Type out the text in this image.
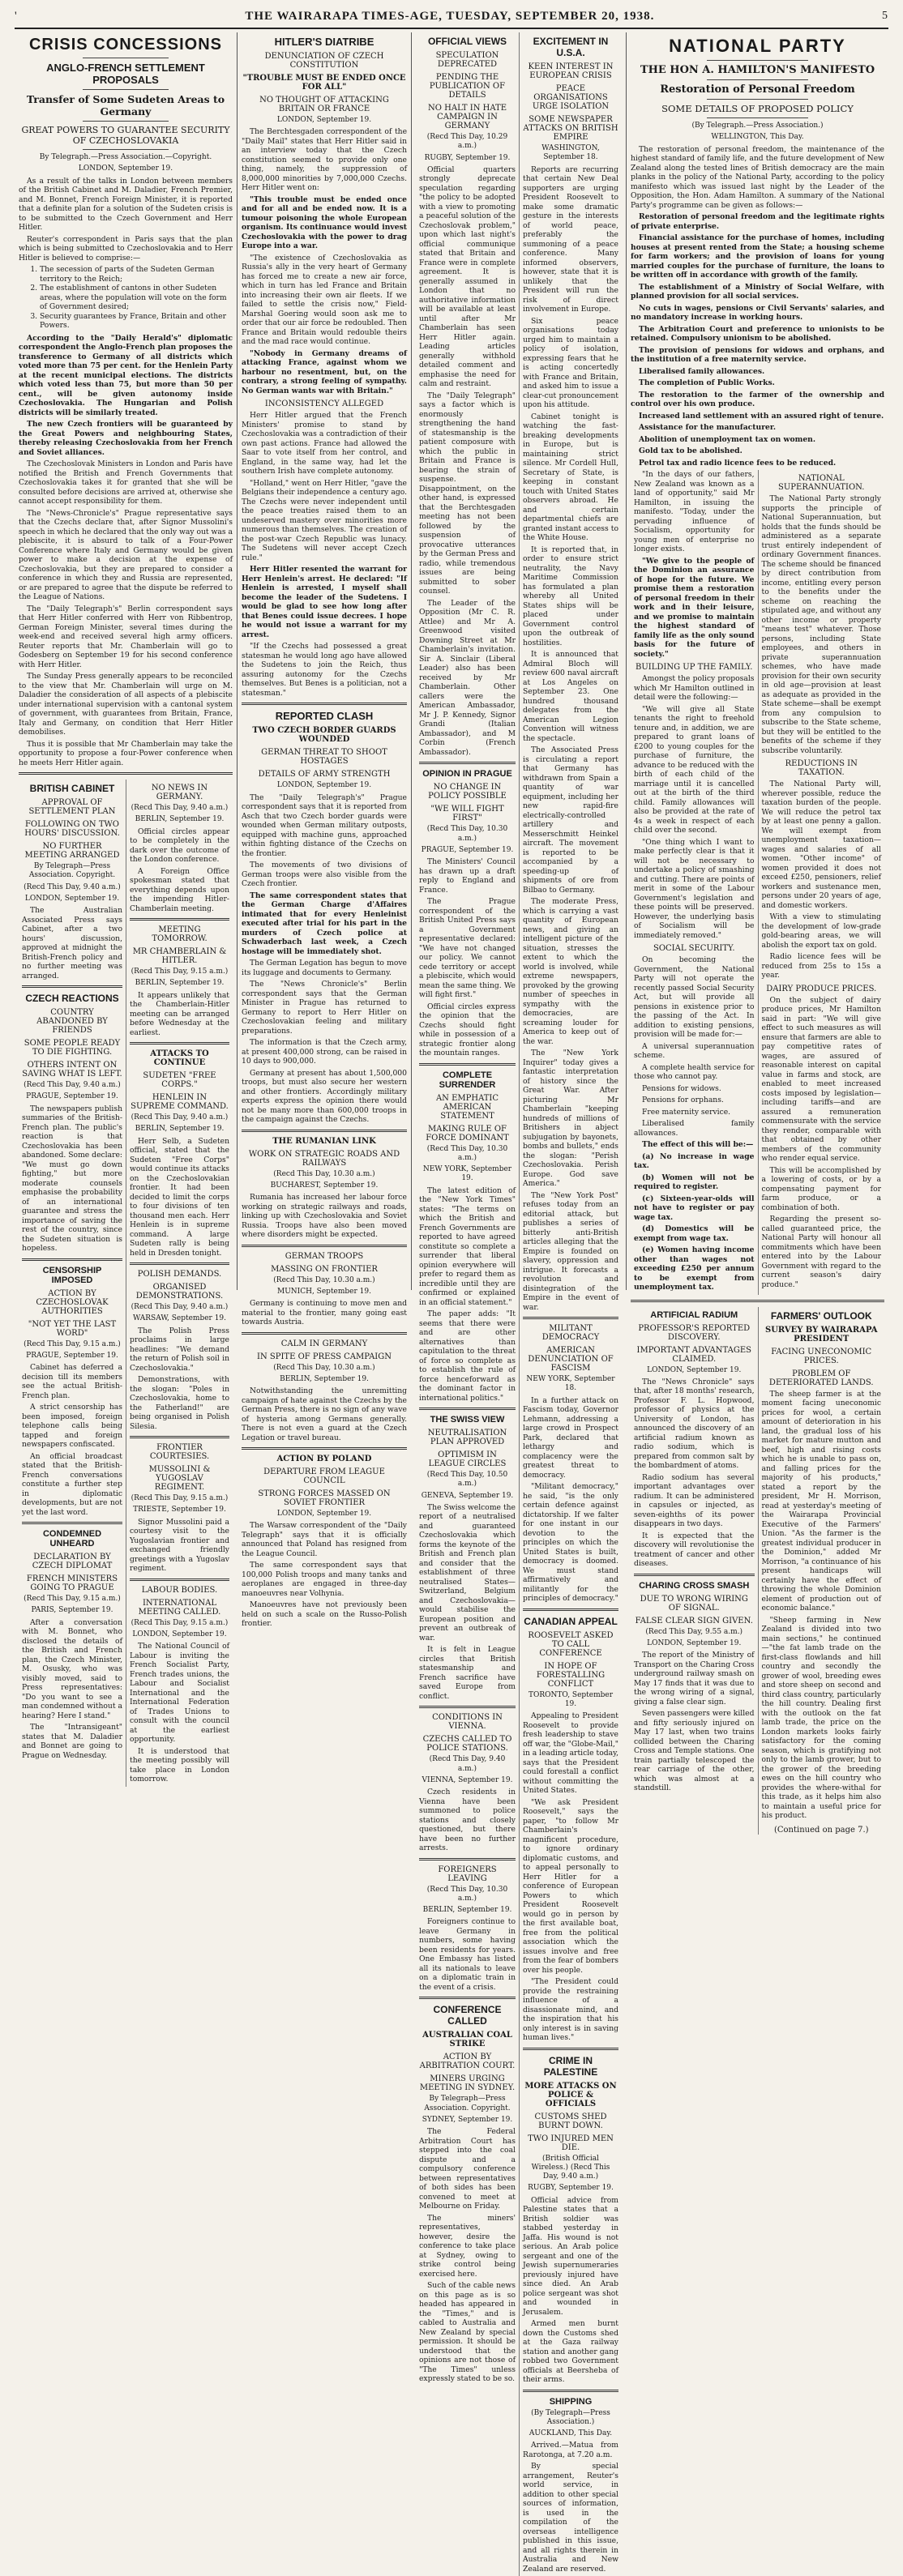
'	THE WAIRARAPA TIMES-AGE, TUESDAY, SEPTEMBER 20, 1938.	5
CRISIS CONCESSIONS
ANGLO-FRENCH SETTLEMENT PROPOSALS
Transfer of Some Sudeten Areas to Germany
GREAT POWERS TO GUARANTEE SECURITY OF CZECHOSLOVAKIA

By Telegraph.—Press Association.—Copyright.

LONDON, September 19.

As a result of the talks in London between members of the British Cabinet and M. Daladier, French Premier, and M. Bonnet, French Foreign Minister, it is reported that a definite plan for a solution of the Sudeten crisis is to be submitted to the Czech Government and Herr Hitler.

Reuter's correspondent in Paris says that the plan which is being submitted to Czechoslovakia and to Herr Hitler is believed to comprise:—

1. The secession of parts of the Sudeten German territory to the Reich;
2. The establishment of cantons in other Sudeten areas, where the population will vote on the form of Government desired;
3. Security guarantees by France, Britain and other Powers.

According to the "Daily Herald's" diplomatic correspondent the Anglo-French plan proposes the transference to Germany of all districts which voted more than 75 per cent. for the Henlein Party at the recent municipal elections. The districts which voted less than 75, but more than 50 per cent., will be given autonomy inside Czechoslovakia. The Hungarian and Polish districts will be similarly treated.

The new Czech frontiers will be guaranteed by the Great Powers and neighbouring States, thereby releasing Czechoslovakia from her French and Soviet alliances.

The Czechoslovak Ministers in London and Paris have notified the British and French Governments that Czechoslovakia takes it for granted that she will be consulted before decisions are arrived at, otherwise she cannot accept responsibility for them.

The "News-Chronicle's" Prague representative says that the Czechs declare that, after Signor Mussolini's speech in which he declared that the only way out was a plebiscite, it is absurd to talk of a Four-Power Conference where Italy and Germany would be given power to make a decision at the expense of Czechoslovakia, but they are prepared to consider a conference in which they and Russia are represented, or are prepared to agree that the dispute be referred to the League of Nations.

The "Daily Telegraph's" Berlin correspondent says that Herr Hitler conferred with Herr von Ribbentrop, German Foreign Minister, several times during the week-end and received several high army officers. Reuter reports that Mr. Chamberlain will go to Godesberg on September 19 for his second conference with Herr Hitler.

The Sunday Press generally appears to be reconciled to the view that Mr. Chamberlain will urge on M. Daladier the consideration of all aspects of a plebiscite under international supervision with a cantonal system of government, with guarantees from Britain, France, Italy and Germany, on condition that Herr Hitler demobilises.

Thus it is possible that Mr Chamberlain may take the opportunity to propose a four-Power conference when he meets Herr Hitler again.

BRITISH CABINET
APPROVAL OF SETTLEMENT PLAN
FOLLOWING ON TWO HOURS' DISCUSSION.
NO FURTHER MEETING ARRANGED

By Telegraph—Press Association. Copyright.

(Recd This Day, 9.40 a.m.)

LONDON, September 19.

The Australian Associated Press says Cabinet, after a two hours' discussion, approved at midnight the British-French policy and no further meeting was arranged.

CZECH REACTIONS
COUNTRY ABANDONED BY FRIENDS
SOME PEOPLE READY TO DIE FIGHTING.
OTHERS INTENT ON SAVING WHAT IS LEFT.

(Recd This Day, 9.40 a.m.)

PRAGUE, September 19.

The newspapers publish summaries of the British-French plan. The public's reaction is that Czechoslovakia has been abandoned. Some declare: "We must go down fighting," but more moderate counsels emphasise the probability of an international guarantee and stress the importance of saving the rest of the country, since the Sudeten situation is hopeless.

CENSORSHIP IMPOSED
ACTION BY CZECHOSLOVAK AUTHORITIES
"NOT YET THE LAST WORD"

(Recd This Day, 9.15 a.m.)

PRAGUE, September 19.

Cabinet has deferred a decision till its members see the actual British-French plan.

A strict censorship has been imposed, foreign telephone calls being tapped and foreign newspapers confiscated.

An official broadcast stated that the British-French conversations constitute a further step in diplomatic developments, but are not yet the last word.

CONDEMNED UNHEARD
DECLARATION BY CZECH DIPLOMAT
FRENCH MINISTERS GOING TO PRAGUE

(Recd This Day, 9.15 a.m.)

PARIS, September 19.

After a conversation with M. Bonnet, who disclosed the details of the British and French plan, the Czech Minister, M. Osusky, who was visibly moved, said to Press representatives: "Do you want to see a man condemned without a hearing? Here I stand."

The "Intransigeant" states that M. Daladier and Bonnet are going to Prague on Wednesday.

NO NEWS IN GERMANY.

(Recd This Day, 9.40 a.m.)

BERLIN, September 19.

Official circles appear to be completely in the dark over the outcome of the London conference.

A Foreign Office spokesman stated that everything depends upon the impending Hitler-Chamberlain meeting.

MEETING TOMORROW.
MR CHAMBERLAIN & HITLER.

(Recd This Day, 9.15 a.m.)

BERLIN, September 19.

It appears unlikely that the Chamberlain-Hitler meeting can be arranged before Wednesday at the earliest.

ATTACKS TO CONTINUE
SUDETEN "FREE CORPS."
HENLEIN IN SUPREME COMMAND.

(Recd This Day, 9.40 a.m.)

BERLIN, September 19.

Herr Selb, a Sudeten official, stated that the Sudeten "Free Corps" would continue its attacks on the Czechoslovakian frontier. It had been decided to limit the corps to four divisions of ten thousand men each. Herr Henlein is in supreme command. A large Sudeten rally is being held in Dresden tonight.

POLISH DEMANDS.
ORGANISED DEMONSTRATIONS.

(Recd This Day, 9.40 a.m.)

WARSAW, September 19.

The Polish Press proclaims in large headlines: "We demand the return of Polish soil in Czechoslovakia."

Demonstrations, with the slogan: "Poles in Czechoslovakia, home to the Fatherland!" are being organised in Polish Silesia.

FRONTIER COURTESIES.
MUSSOLINI & YUGOSLAV REGIMENT.

(Recd This Day, 9.15 a.m.)

TRIESTE, September 19.

Signor Mussolini paid a courtesy visit to the Yugoslavian frontier and exchanged friendly greetings with a Yugoslav regiment.

LABOUR BODIES.
INTERNATIONAL MEETING CALLED.

(Recd This Day, 9.15 a.m.)

LONDON, September 19.

The National Council of Labour is inviting the French Socialist Party, French trades unions, the Labour and Socialist International and the International Federation of Trades Unions to consult with the council at the earliest opportunity.

It is understood that the meeting possibly will take place in London tomorrow.

HITLER'S DIATRIBE
DENUNCIATION OF CZECH CONSTITUTION
"TROUBLE MUST BE ENDED ONCE FOR ALL"
NO THOUGHT OF ATTACKING BRITAIN OR FRANCE

LONDON, September 19.

The Berchtesgaden correspondent of the "Daily Mail" states that Herr Hitler said in an interview today that the Czech constitution seemed to provide only one thing, namely, the suppression of 8,000,000 minorities by 7,000,000 Czechs. Herr Hitler went on:

"This trouble must be ended once and for all and be ended now. It is a tumour poisoning the whole European organism. Its continuance would invest Czechoslovakia with the power to drag Europe into a war.

"The existence of Czechoslovakia as Russia's ally in the very heart of Germany has forced me to create a new air force, which in turn has led France and Britain into increasing their own air fleets. If we failed to settle the crisis now," Field-Marshal Goering would soon ask me to order that our air force be redoubled. Then France and Britain would redouble theirs and the mad race would continue.

"Nobody in Germany dreams of attacking France, against whom we harbour no resentment, but, on the contrary, a strong feeling of sympathy. No German wants war with Britain."

INCONSISTENCY ALLEGED

Herr Hitler argued that the French Ministers' promise to stand by Czechoslovakia was a contradiction of their own past actions. France had allowed the Saar to vote itself from her control, and England, in the same way, had let the southern Irish have complete autonomy.

"Holland," went on Herr Hitler, "gave the Belgians their independence a century ago. The Czechs were never independent until the peace treaties raised them to an undeserved mastery over minorities more numerous than themselves. The creation of the post-war Czech Republic was lunacy. The Sudetens will never accept Czech rule."

Herr Hitler resented the warrant for Herr Henlein's arrest. He declared: "If Henlein is arrested, I myself shall become the leader of the Sudetens. I would be glad to see how long after that Benes could issue decrees. I hope he would not issue a warrant for my arrest.

"If the Czechs had possessed a great statesman he would long ago have allowed the Sudetens to join the Reich, thus assuring autonomy for the Czechs themselves. But Benes is a politician, not a statesman."

REPORTED CLASH
TWO CZECH BORDER GUARDS WOUNDED
GERMAN THREAT TO SHOOT HOSTAGES
DETAILS OF ARMY STRENGTH

LONDON, September 19.

The "Daily Telegraph's" Prague correspondent says that it is reported from Asch that two Czech border guards were wounded when German military outposts, equipped with machine guns, approached within fighting distance of the Czechs on the frontier.

The movements of two divisions of German troops were also visible from the Czech frontier.

The same correspondent states that the German Charge d'Affaires intimated that for every Henleinist executed after trial for his part in the murders of Czech police at Schwaderbach last week, a Czech hostage will be immediately shot.

The German Legation has begun to move its luggage and documents to Germany.

The "News Chronicle's" Berlin correspondent says that the German Minister in Prague has returned to Germany to report to Herr Hitler on Czechoslovakian feeling and military preparations.

The information is that the Czech army, at present 400,000 strong, can be raised in 10 days to 900,000.

Germany at present has about 1,500,000 troops, but must also secure her western and other frontiers. Accordingly military experts express the opinion there would not be many more than 600,000 troops in the campaign against the Czechs.

THE RUMANIAN LINK
WORK ON STRATEGIC ROADS AND RAILWAYS

(Recd This Day, 10.30 a.m.)

BUCHAREST, September 19.

Rumania has increased her labour force working on strategic railways and roads, linking up with Czechoslovakia and Soviet Russia. Troops have also been moved where disorders might be expected.

GERMAN TROOPS
MASSING ON FRONTIER

(Recd This Day, 10.30 a.m.)

MUNICH, September 19.

Germany is continuing to move men and material to the frontier, many going east towards Austria.

CALM IN GERMANY
IN SPITE OF PRESS CAMPAIGN

(Recd This Day, 10.30 a.m.)

BERLIN, September 19.

Notwithstanding the unremitting campaign of hate against the Czechs by the German Press, there is no sign of any wave of hysteria among Germans generally. There is not even a guard at the Czech Legation or travel bureau.

ACTION BY POLAND
DEPARTURE FROM LEAGUE COUNCIL
STRONG FORCES MASSED ON SOVIET FRONTIER

LONDON, September 19.

The Warsaw correspondent of the "Daily Telegraph" says that it is officially announced that Poland has resigned from the League Council.

The same correspondent says that 100,000 Polish troops and many tanks and aeroplanes are engaged in three-day manoeuvres near Volhynia.

Manoeuvres have not previously been held on such a scale on the Russo-Polish frontier.

OFFICIAL VIEWS
SPECULATION DEPRECATED
PENDING THE PUBLICATION OF DETAILS
NO HALT IN HATE CAMPAIGN IN GERMANY

(Recd This Day, 10.29 a.m.)

RUGBY, September 19.

Official quarters strongly deprecate speculation regarding "the policy to be adopted with a view to promoting a peaceful solution of the Czechoslovak problem," upon which last night's official communique stated that Britain and France were in complete agreement. It is generally assumed in London that no authoritative information will be available at least until after Mr Chamberlain has seen Herr Hitler again. Leading articles generally withhold detailed comment and emphasise the need for calm and restraint.

The "Daily Telegraph" says a factor which is enormously strengthening the hand of statesmanship is the patient composure with which the public in Britain and France is bearing the strain of suspense. Disappointment, on the other hand, is expressed that the Berchtesgaden meeting has not been followed by the suspension of provocative utterances by the German Press and radio, while tremendous issues are being submitted to sober counsel.

The Leader of the Opposition (Mr C. R. Attlee) and Mr A. Greenwood visited Downing Street at Mr Chamberlain's invitation. Sir A. Sinclair (Liberal Leader) also has been received by Mr Chamberlain. Other callers were the American Ambassador, Mr J. P. Kennedy, Signor Grandi (Italian Ambassador), and M Corbin (French Ambassador).

OPINION IN PRAGUE
NO CHANGE IN POLICY POSSIBLE
"WE WILL FIGHT FIRST"

(Recd This Day, 10.30 a.m.)

PRAGUE, September 19.

The Ministers' Council has drawn up a draft reply to England and France.

The Prague correspondent of the British United Press says a Government representative declared: "We have not changed our policy. We cannot cede territory or accept a plebiscite, which would mean the same thing. We will fight first."

Official circles express the opinion that the Czechs should fight while in possession of a strategic frontier along the mountain ranges.

COMPLETE SURRENDER
AN EMPHATIC AMERICAN STATEMENT
MAKING RULE OF FORCE DOMINANT

(Recd This Day, 10.30 a.m.)

NEW YORK, September 19.

The latest edition of the "New York Times" states: "The terms on which the British and French Governments are reported to have agreed constitute so complete a surrender that liberal opinion everywhere will prefer to regard them as incredible until they are confirmed or explained in an official statement."

The paper adds: "It seems that there were and are other alternatives than capitulation to the threat of force so complete as to establish the rule of force henceforward as the dominant factor in international politics."

THE SWISS VIEW
NEUTRALISATION PLAN APPROVED
OPTIMISM IN LEAGUE CIRCLES

(Recd This Day, 10.50 a.m.)

GENEVA, September 19.

The Swiss welcome the report of a neutralised and guaranteed Czechoslovakia which forms the keynote of the British and French plan and consider that the establishment of three neutralised States—Switzerland, Belgium and Czechoslovakia—would stabilise the European position and prevent an outbreak of war.

It is felt in League circles that British statesmanship and French sacrifice have saved Europe from conflict.

CONDITIONS IN VIENNA.
CZECHS CALLED TO POLICE STATIONS.

(Recd This Day, 9.40 a.m.)

VIENNA, September 19.

Czech residents in Vienna have been summoned to police stations and closely questioned, but there have been no further arrests.

FOREIGNERS LEAVING

(Recd This Day, 10.30 a.m.)

BERLIN, September 19.

Foreigners continue to leave Germany in numbers, some having been residents for years. One Embassy has listed all its nationals to leave on a diplomatic train in the event of a crisis.

CONFERENCE CALLED
AUSTRALIAN COAL STRIKE
ACTION BY ARBITRATION COURT.
MINERS URGING MEETING IN SYDNEY.

By Telegraph—Press Association. Copyright.

SYDNEY, September 19.

The Federal Arbitration Court has stepped into the coal dispute and a compulsory conference between representatives of both sides has been convened to meet at Melbourne on Friday.

The miners' representatives, however, desire the conference to take place at Sydney, owing to strike control being exercised here.

Such of the cable news on this page as is so headed has appeared in the "Times," and is cabled to Australia and New Zealand by special permission. It should be understood that the opinions are not those of "The Times" unless expressly stated to be so.

EXCITEMENT IN U.S.A.
KEEN INTEREST IN EUROPEAN CRISIS
PEACE ORGANISATIONS URGE ISOLATION
SOME NEWSPAPER ATTACKS ON BRITISH EMPIRE

WASHINGTON, September 18.

Reports are recurring that certain New Deal supporters are urging President Roosevelt to make some dramatic gesture in the interests of world peace, preferably the summoning of a peace conference. Many informed observers, however, state that it is unlikely that the President will run the risk of direct involvement in Europe.

Six peace organisations today urged him to maintain a policy of isolation, expressing fears that he is acting concertedly with France and Britain, and asked him to issue a clear-cut pronouncement upon his attitude.

Cabinet tonight is watching the fast-breaking developments in Europe, but is maintaining strict silence. Mr Cordell Hull, Secretary of State, is keeping in constant touch with United States observers abroad. He and certain departmental chiefs are granted instant access to the White House.

It is reported that, in order to ensure strict neutrality, the Navy Maritime Commission has formulated a plan whereby all United States ships will be placed under Government control upon the outbreak of hostilities.

It is announced that Admiral Bloch will review 600 naval aircraft at Los Angeles on September 23. One hundred thousand delegates from the American Legion Convention will witness the spectacle.

The Associated Press is circulating a report that Germany has withdrawn from Spain a quantity of war equipment, including her new rapid-fire electrically-controlled artillery and Messerschmitt Heinkel aircraft. The movement is reported to be accompanied by a speeding-up of shipments of ore from Bilbao to Germany.

The moderate Press, which is carrying a vast quantity of European news, and giving an intelligent picture of the situation, stresses the extent to which the world is involved, while extreme newspapers, provoked by the growing number of speeches in sympathy with the democracies, are screaming louder for America to keep out of the war.

The "New York Inquirer" today gives a fantastic interpretation of history since the Great War. After picturing Mr Chamberlain "keeping hundreds of millions of Britishers in abject subjugation by bayonets, bombs and bullets," ends the slogan: "Perish Czechoslovakia. Perish Europe. God save America."

The "New York Post" refuses today from an editorial attack, but publishes a series of bitterly anti-British articles alleging that the Empire is founded on slavery, oppression and intrigue. It forecasts a revolution and disintegration of the Empire in the event of war.

MILITANT DEMOCRACY
AMERICAN DENUNCIATION OF FASCISM

NEW YORK, September 18.

In a further attack on Fascism today, Governor Lehmann, addressing a large crowd in Prospect Park, declared that lethargy and complacency were the greatest threat to democracy.

"Militant democracy," he said, "is the only certain defence against dictatorship. If we falter for one instant in our devotion to the principles on which the United States is built, democracy is doomed. We must stand affirmatively and militantly for the principles of democracy."

CANADIAN APPEAL
ROOSEVELT ASKED TO CALL CONFERENCE
IN HOPE OF FORESTALLING CONFLICT

TORONTO, September 19.

Appealing to President Roosevelt to provide fresh leadership to stave off war, the "Globe-Mail," in a leading article today, says that the President could forestall a conflict without committing the United States.

"We ask President Roosevelt," says the paper, "to follow Mr Chamberlain's magnificent procedure, to ignore ordinary diplomatic customs, and to appeal personally to Herr Hitler for a conference of European Powers to which President Roosevelt would go in person by the first available boat, free from the political association which the issues involve and free from the fear of bombers over his people.

"The President could provide the restraining influence of a disassionate mind, and the inspiration that his only interest is in saving human lives."

CRIME IN PALESTINE
MORE ATTACKS ON POLICE & OFFICIALS
CUSTOMS SHED BURNT DOWN.
TWO INJURED MEN DIE.

(British Official Wireless.) (Recd This Day, 9.40 a.m.)

RUGBY, September 19.

Official advice from Palestine states that a British soldier was stabbed yesterday in Jaffa. His wound is not serious. An Arab police sergeant and one of the Jewish supernumeraries previously injured have since died. An Arab police sergeant was shot and wounded in Jerusalem.

Armed men burnt down the Customs shed at the Gaza railway station and another gang robbed two Government officials at Beersheba of their arms.

SHIPPING

(By Telegraph—Press Association.)

AUCKLAND, This Day.

Arrived.—Matua from Rarotonga, at 7.20 a.m.

By special arrangement, Reuter's world service, in addition to other special sources of information, is used in the compilation of the overseas intelligence published in this issue, and all rights therein in Australia and New Zealand are reserved.

NATIONAL PARTY
THE HON A. HAMILTON'S MANIFESTO
Restoration of Personal Freedom
SOME DETAILS OF PROPOSED POLICY

(By Telegraph.—Press Association.)

WELLINGTON, This Day.

The restoration of personal freedom, the maintenance of the highest standard of family life, and the future development of New Zealand along the tested lines of British democracy are the main planks in the policy of the National Party, according to the policy manifesto which was issued last night by the Leader of the Opposition, the Hon. Adam Hamilton. A summary of the National Party's programme can be given as follows:—

Restoration of personal freedom and the legitimate rights of private enterprise.

Financial assistance for the purchase of homes, including houses at present rented from the State; a housing scheme for farm workers; and the provision of loans for young married couples for the purchase of furniture, the loans to be written off in accordance with growth of the family.

The establishment of a Ministry of Social Welfare, with planned provision for all social services.

No cuts in wages, pensions or Civil Servants' salaries, and no mandatory increase in working hours.

The Arbitration Court and preference to unionists to be retained. Compulsory unionism to be abolished.

The provision of pensions for widows and orphans, and the institution of a free maternity service.

Liberalised family allowances.

The completion of Public Works.

The restoration to the farmer of the ownership and control over his own produce.

Increased land settlement with an assured right of tenure.

Assistance for the manufacturer.

Abolition of unemployment tax on women.

Gold tax to be abolished.

Petrol tax and radio licence fees to be reduced.

"In the days of our fathers, New Zealand was known as a land of opportunity," said Mr Hamilton, in issuing the manifesto. "Today, under the pervading influence of Socialism, opportunity for young men of enterprise no longer exists.

"We give to the people of the Dominion an assurance of hope for the future. We promise them a restoration of personal freedom in their work and in their leisure, and we promise to maintain the highest standard of family life as the only sound basis for the future of society."

BUILDING UP THE FAMILY.

Amongst the policy proposals which Mr Hamilton outlined in detail were the following:—

"We will give all State tenants the right to freehold tenure and, in addition, we are prepared to grant loans of £200 to young couples for the purchase of furniture, the advance to be reduced with the birth of each child of the marriage until it is cancelled out at the birth of the third child. Family allowances will also be provided at the rate of 4s a week in respect of each child over the second.

"One thing which I want to make perfectly clear is that it will not be necessary to undertake a policy of smashing and cutting. There are points of merit in some of the Labour Government's legislation and these points will be preserved. However, the underlying basis of Socialism will be immediately removed."

SOCIAL SECURITY.

On becoming the Government, the National Party will not operate the recently passed Social Security Act, but will provide all pensions in existence prior to the passing of the Act. In addition to existing pensions, provision will be made for:—

A universal superannuation scheme.

A complete health service for those who cannot pay.

Pensions for widows.

Pensions for orphans.

Free maternity service.

Liberalised family allowances.

The effect of this will be:—

(a) No increase in wage tax.

(b) Women will not be required to register.

(c) Sixteen-year-olds will not have to register or pay wage tax.

(d) Domestics will be exempt from wage tax.

(e) Women having income other than wages not exceeding £250 per annum to be exempt from unemployment tax.

NATIONAL SUPERANNUATION.

The National Party strongly supports the principle of National Superannuation, but holds that the funds should be administered as a separate trust entirely independent of ordinary Government finances. The scheme should be financed by direct contribution from income, entitling every person to the benefits under the scheme on reaching the stipulated age, and without any other income or property "means test" whatever. Those persons, including State employees, and others in private superannuation schemes, who have made provision for their own security in old age—provision at least as adequate as provided in the State scheme—shall be exempt from any compulsion to subscribe to the State scheme, but they will be entitled to the benefits of the scheme if they subscribe voluntarily.

REDUCTIONS IN TAXATION.

The National Party will, wherever possible, reduce the taxation burden of the people. We will reduce the petrol tax by at least one penny a gallon. We will exempt from unemployment taxation—wages and salaries of all women. "Other income" of women provided it does not exceed £250, pensioners, relief workers and sustenance men, persons under 20 years of age, and domestic workers.

With a view to stimulating the development of low-grade gold-bearing areas, we will abolish the export tax on gold.

Radio licence fees will be reduced from 25s to 15s a year.

DAIRY PRODUCE PRICES.

On the subject of dairy produce prices, Mr Hamilton said in part: "We will give effect to such measures as will ensure that farmers are able to pay competitive rates of wages, are assured of reasonable interest on capital value in farms and stock, are enabled to meet increased costs imposed by legislation—including tariffs—and are assured a remuneration commensurate with the service they render, comparable with that obtained by other members of the community who render equal service.

This will be accomplished by a lowering of costs, or by a compensating payment for farm produce, or a combination of both.

Regarding the present so-called guaranteed price, the National Party will honour all commitments which have been entered into by the Labour Government with regard to the current season's dairy produce."

ARTIFICIAL RADIUM
PROFESSOR'S REPORTED DISCOVERY.
IMPORTANT ADVANTAGES CLAIMED.

LONDON, September 19.

The "News Chronicle" says that, after 18 months' research, Professor F. L. Hopwood, professor of physics at the University of London, has announced the discovery of an artificial radium known as radio sodium, which is prepared from common salt by the bombardment of atoms.

Radio sodium has several important advantages over radium. It can be administered in capsules or injected, as seven-eighths of its power disappears in two days.

It is expected that the discovery will revolutionise the treatment of cancer and other diseases.

CHARING CROSS SMASH
DUE TO WRONG WIRING OF SIGNAL.
FALSE CLEAR SIGN GIVEN.

(Recd This Day, 9.55 a.m.)

LONDON, September 19.

The report of the Ministry of Transport on the Charing Cross underground railway smash on May 17 finds that it was due to the wrong wiring of a signal, giving a false clear sign.

Seven passengers were killed and fifty seriously injured on May 17 last, when two trains collided between the Charing Cross and Temple stations. One train partially telescoped the rear carriage of the other, which was almost at a standstill.

FARMERS' OUTLOOK
SURVEY BY WAIRARAPA PRESIDENT
FACING UNECONOMIC PRICES.
PROBLEM OF DETERIORATED LANDS.

The sheep farmer is at the moment facing uneconomic prices for wool, a certain amount of deterioration in his land, the gradual loss of his market for mature mutton and beef, high and rising costs which he is unable to pass on, and falling prices for the majority of his products," stated a report by the president, Mr H. Morrison, read at yesterday's meeting of the Wairarapa Provincial Executive of the Farmers' Union. "As the farmer is the greatest individual producer in the Dominion," added Mr Morrison, "a continuance of his present handicaps will certainly have the effect of throwing the whole Dominion element of production out of economic balance."

"Sheep farming in New Zealand is divided into two main sections," he continued—"the fat lamb trade on the first-class flowlands and hill country and secondly the grower of wool, breeding ewes and store sheep on second and third class country, particularly the hill country. Dealing first with the outlook on the fat lamb trade, the price on the London markets looks fairly satisfactory for the coming season, which is gratifying not only to the lamb grower, but to the grower of the breeding ewes on the hill country who provides the where-withal for this trade, as it helps him also to maintain a useful price for his product.

(Continued on page 7.)
